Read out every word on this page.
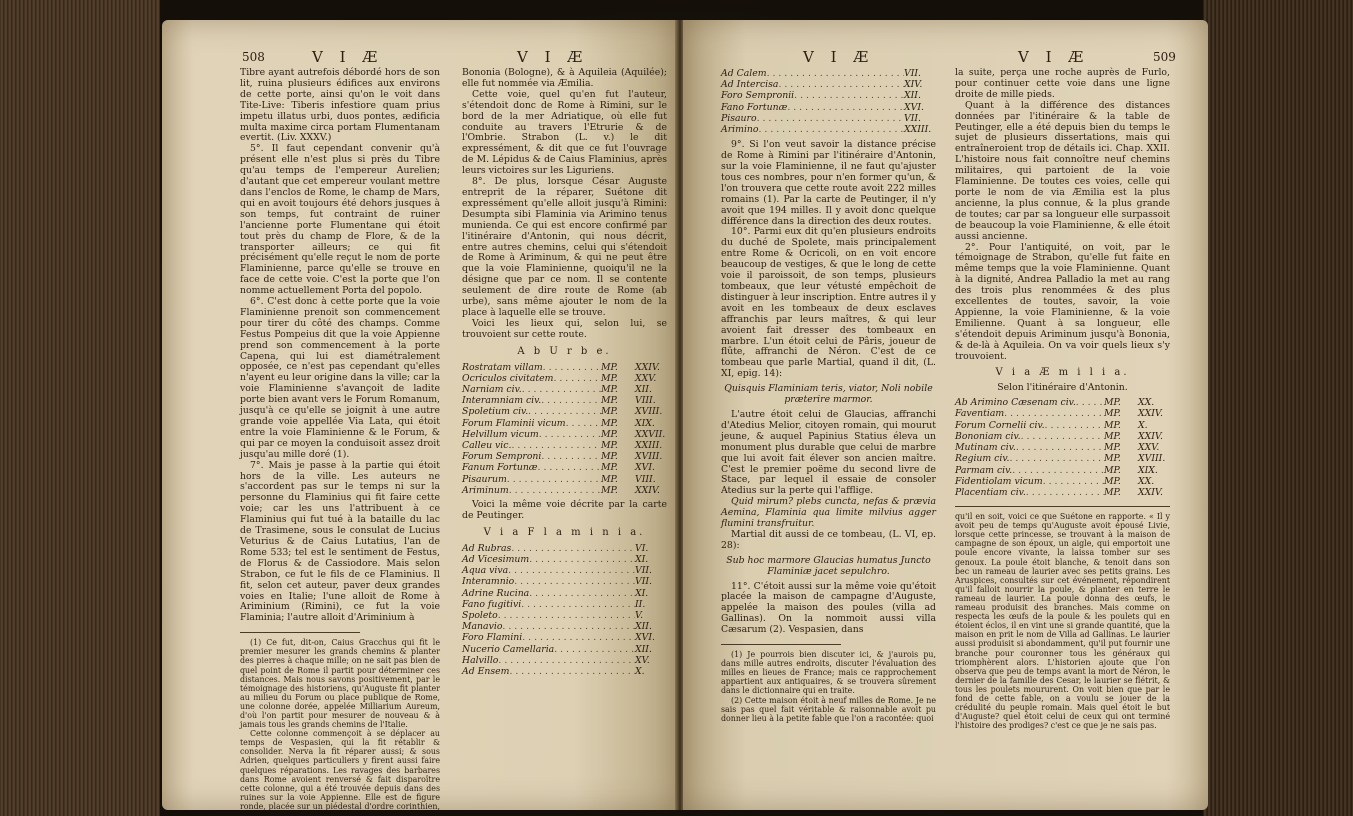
508	V I Æ	V I Æ

Tibre ayant autrefois débordé hors de son lit, ruina plusieurs édifices aux environs de cette porte, ainsi qu'on le voit dans Tite-Live: Tiberis infestiore quam prius impetu illatus urbi, duos pontes, ædificia multa maxime circa portam Flumentanam evertit. (Liv. XXXV.)

5°. Il faut cependant convenir qu'à présent elle n'est plus si près du Tibre qu'au temps de l'empereur Aurelien; d'autant que cet empereur voulant mettre dans l'enclos de Rome, le champ de Mars, qui en avoit toujours été dehors jusques à son temps, fut contraint de ruiner l'ancienne porte Flumentane qui étoit tout près du champ de Flore, & de la transporter ailleurs; ce qui fit précisément qu'elle reçut le nom de porte Flaminienne, parce qu'elle se trouve en face de cette voie. C'est la porte que l'on nomme actuellement Porta del popolo.

6°. C'est donc à cette porte que la voie Flaminienne prenoit son commencement pour tirer du côté des champs. Comme Festus Pompeius dit que la voie Appienne prend son commencement à la porte Capena, qui lui est diamétralement opposée, ce n'est pas cependant qu'elles n'ayent eu leur origine dans la ville; car la voie Flaminienne s'avançoit de ladite porte bien avant vers le Forum Romanum, jusqu'à ce qu'elle se joignit à une autre grande voie appellée Via Lata, qui étoit entre la voie Flaminienne & le Forum, & qui par ce moyen la conduisoit assez droit jusqu'au mille doré (1).

7°. Mais je passe à la partie qui étoit hors de la ville. Les auteurs ne s'accordent pas sur le temps ni sur la personne du Flaminius qui fit faire cette voie; car les uns l'attribuent à ce Flaminius qui fut tué à la bataille du lac de Trasimene, sous le consulat de Lucius Veturius & de Caius Lutatius, l'an de Rome 533; tel est le sentiment de Festus, de Florus & de Cassiodore. Mais selon Strabon, ce fut le fils de ce Flaminius. Il fit, selon cet auteur, paver deux grandes voies en Italie; l'une alloit de Rome à Ariminium (Rimini), ce fut la voie Flaminia; l'autre alloit d'Ariminium à

(1) Ce fut, dit-on, Caius Gracchus qui fit le premier mesurer les grands chemins & planter des pierres à chaque mille; on ne sait pas bien de quel point de Rome il partit pour déterminer ces distances. Mais nous savons positivement, par le témoignage des historiens, qu'Auguste fit planter au milieu du Forum ou place publique de Rome, une colonne dorée, appelée Milliarium Aureum, d'où l'on partit pour mesurer de nouveau & à jamais tous les grands chemins de l'Italie.

Cette colonne commençoit à se déplacer au temps de Vespasien, qui la fit rétablir & consolider. Nerva la fit réparer aussi; & sous Adrien, quelques particuliers y firent aussi faire quelques réparations. Les ravages des barbares dans Rome avoient renversé & fait disparoître cette colonne, qui a été trouvée depuis dans des ruines sur la voie Appienne. Elle est de figure ronde, placée sur un piédestal d'ordre corinthien,

Bononia (Bologne), & à Aquileia (Aquilée); elle fut nommée via Æmilia.

Cette voie, quel qu'en fut l'auteur, s'étendoit donc de Rome à Rimini, sur le bord de la mer Adriatique, où elle fut conduite au travers l'Etrurie & de l'Ombrie. Strabon (L. v.) le dit expressément, & dit que ce fut l'ouvrage de M. Lépidus & de Caius Flaminius, après leurs victoires sur les Liguriens.

8°. De plus, lorsque César Auguste entreprit de la réparer, Suétone dit expressément qu'elle alloit jusqu'à Rimini: Desumpta sibi Flaminia via Arimino tenus munienda. Ce qui est encore confirmé par l'itinéraire d'Antonin, qui nous décrit, entre autres chemins, celui qui s'étendoit de Rome à Ariminum, & qui ne peut être que la voie Flaminienne, quoiqu'il ne la désigne que par ce nom. Il se contente seulement de dire route de Rome (ab urbe), sans même ajouter le nom de la place à laquelle elle se trouve.

Voici les lieux qui, selon lui, se trouvoient sur cette route.

A b U r b e.
Rostratam villam . . .	MP.	XXIV.
Ocriculos civitatem . . .	MP.	XXV.
Narniam civ. . . .	MP.	XII.
Interamniam civ. . . .	MP.	VIII.
Spoletium civ. . . .	MP.	XVIII.
Forum Flaminii vicum . . .	MP.	XIX.
Helvillum vicum . . .	MP.	XXVII.
Calleu vic. . . .	MP.	XXIII.
Forum Semproni . . .	MP.	XVIII.
Fanum Fortunæ . . .	MP.	XVI.
Pisaurum . . .	MP.	VIII.
Ariminum . . .	MP.	XXIV.

Voici la même voie décrite par la carte de Peutinger.

V i a F l a m i n i a.
Ad Rubras . . .	VI.
Ad Vicesimum . . .	XI.
Aqua viva . . .	VII.
Interamnio . . .	VII.
Adrine Rucina . . .	XI.
Fano fugitivi . . .	II.
Spoleto . . .	V.
Manavio . . .	XII.
Foro Flamini . . .	XVI.
Nucerio Camellaria . . .	XII.
Halvillo . . .	XV.
Ad Ensem . . .	X.
V I Æ	V I Æ	509
Ad Calem . . .	VII.
Ad Intercisa . . .	XIV.
Foro Sempronii . . .	XII.
Fano Fortunæ . . .	XVI.
Pisauro . . .	VII.
Arimino . . .	XXIII.

9°. Si l'on veut savoir la distance précise de Rome à Rimini par l'itinéraire d'Antonin, sur la voie Flaminienne, il ne faut qu'ajuster tous ces nombres, pour n'en former qu'un, & l'on trouvera que cette route avoit 222 milles romains (1). Par la carte de Peutinger, il n'y avoit que 194 milles. Il y avoit donc quelque différence dans la direction des deux routes.

10°. Parmi eux dit qu'en plusieurs endroits du duché de Spolete, mais principalement entre Rome & Ocricoli, on en voit encore beaucoup de vestiges, & que le long de cette voie il paroissoit, de son temps, plusieurs tombeaux, que leur vétusté empêchoit de distinguer à leur inscription. Entre autres il y avoit en les tombeaux de deux esclaves affranchis par leurs maîtres, & qui leur avoient fait dresser des tombeaux en marbre. L'un étoit celui de Pâris, joueur de flûte, affranchi de Néron. C'est de ce tombeau que parle Martial, quand il dit, (L. XI, epig. 14):

Quisquis Flaminiam teris, viator, Noli nobile præterire marmor.

L'autre étoit celui de Glaucias, affranchi d'Atedius Melior, citoyen romain, qui mourut jeune, & auquel Papinius Statius éleva un monument plus durable que celui de marbre que lui avoit fait élever son ancien maître. C'est le premier poëme du second livre de Stace, par lequel il essaie de consoler Atedius sur la perte qui l'afflige.

Quid mirum? plebs cuncta, nefas & prævia Aemina, Flaminia qua limite milvius agger flumini transfruitur.

Martial dit aussi de ce tombeau, (L. VI, ep. 28):

Sub hoc marmore Glaucias humatus Juncto Flaminiæ jacet sepulchro.

11°. C'étoit aussi sur la même voie qu'étoit placée la maison de campagne d'Auguste, appelée la maison des poules (villa ad Gallinas). On la nommoit aussi villa Cæsarum (2). Vespasien, dans

(1) Je pourrois bien discuter ici, & j'aurois pu, dans mille autres endroits, discuter l'évaluation des milles en lieues de France; mais ce rapprochement appartient aux antiquaires, & se trouvera sûrement dans le dictionnaire qui en traite.

(2) Cette maison étoit à neuf milles de Rome. Je ne sais pas quel fait véritable & raisonnable avoit pu donner lieu à la petite fable que l'on a racontée: quoi

la suite, perça une roche auprès de Furlo, pour continuer cette voie dans une ligne droite de mille pieds.

Quant à la différence des distances données par l'itinéraire & la table de Peutinger, elle a été depuis bien du temps le sujet de plusieurs dissertations, mais qui entraîneroient trop de détails ici. Chap. XXII. L'histoire nous fait connoître neuf chemins militaires, qui partoient de la voie Flaminienne. De toutes ces voies, celle qui porte le nom de via Æmilia est la plus ancienne, la plus connue, & la plus grande de toutes; car par sa longueur elle surpassoit de beaucoup la voie Flaminienne, & elle étoit aussi ancienne.

2°. Pour l'antiquité, on voit, par le témoignage de Strabon, qu'elle fut faite en même temps que la voie Flaminienne. Quant à la dignité, Andrea Palladio la met au rang des trois plus renommées & des plus excellentes de toutes, savoir, la voie Appienne, la voie Flaminienne, & la voie Emilienne. Quant à sa longueur, elle s'étendoit depuis Ariminum jusqu'à Bononia, & de-là à Aquileia. On va voir quels lieux s'y trouvoient.

V i a Æ m i l i a.

Selon l'itinéraire d'Antonin.

Ab Arimino Cæsenam civ. . . .	MP.	XX.
Faventiam . . .	MP.	XXIV.
Forum Cornelii civ. . . .	MP.	X.
Bononiam civ. . . .	MP.	XXIV.
Mutinam civ. . . .	MP.	XXV.
Regium civ. . . .	MP.	XVIII.
Parmam civ. . . .	MP.	XIX.
Fidentiolam vicum . . .	MP.	XX.
Placentiam civ. . . .	MP.	XXIV.

qu'il en soit, voici ce que Suétone en rapporte. « Il y avoit peu de temps qu'Auguste avoit épousé Livie, lorsque cette princesse, se trouvant à la maison de campagne de son époux, un aigle, qui emportoit une poule encore vivante, la laissa tomber sur ses genoux. La poule étoit blanche, & tenoit dans son bec un rameau de laurier avec ses petits grains. Les Aruspices, consultés sur cet événement, répondirent qu'il falloit nourrir la poule, & planter en terre le rameau de laurier. La poule donna des œufs, le rameau produisit des branches. Mais comme on respecta les œufs de la poule & les poulets qui en étoient éclos, il en vint une si grande quantité, que la maison en prit le nom de Villa ad Gallinas. Le laurier aussi produisit si abondamment, qu'il put fournir une branche pour couronner tous les généraux qui triomphèrent alors. L'historien ajoute que l'on observa que peu de temps avant la mort de Néron, le dernier de la famille des Cesar, le laurier se flétrit, & tous les poulets moururent. On voit bien que par le fond de cette fable, on a voulu se jouer de la crédulité du peuple romain. Mais quel étoit le but d'Auguste? quel étoit celui de ceux qui ont terminé l'histoire des prodiges? c'est ce que je ne sais pas.
